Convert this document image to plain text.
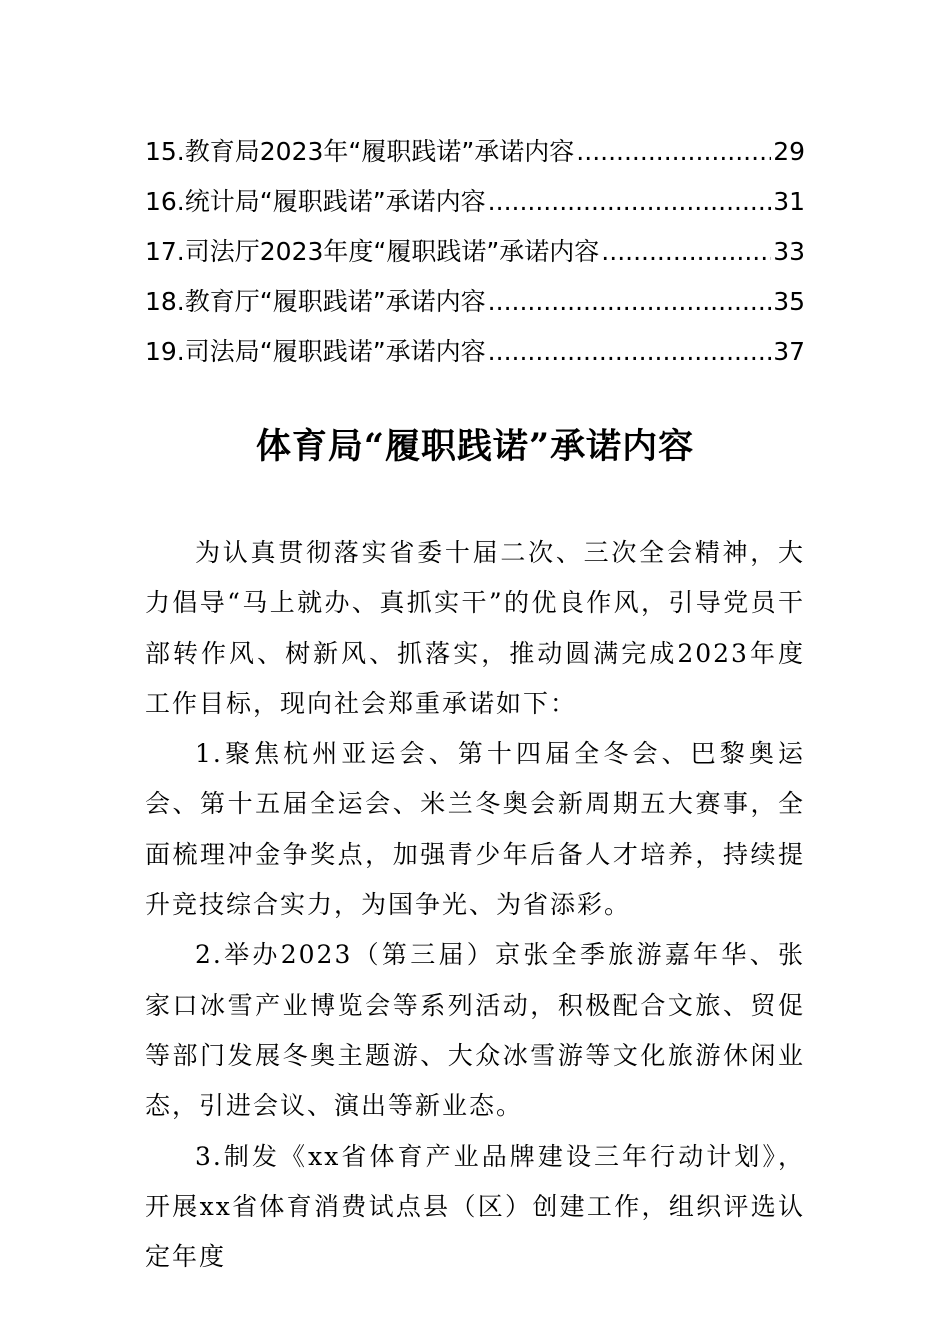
15.教育局2023年“履职践诺”承诺内容 .....	29
16.统计局“履职践诺”承诺内容 .....	31
17.司法厅2023年度“履职践诺”承诺内容 .....	33
18.教育厅“履职践诺”承诺内容 .....	35
19.司法局“履职践诺”承诺内容 .....	37
体育局“履职践诺”承诺内容

为认真贯彻落实省委十届二次、三次全会精神，大力倡导“马上就办、真抓实干”的优良作风，引导党员干部转作风、树新风、抓落实，推动圆满完成2023年度工作目标，现向社会郑重承诺如下：

1.聚焦杭州亚运会、第十四届全冬会、巴黎奥运会、第十五届全运会、米兰冬奥会新周期五大赛事，全面梳理冲金争奖点，加强青少年后备人才培养，持续提升竞技综合实力，为国争光、为省添彩。

2.举办2023（第三届）京张全季旅游嘉年华、张家口冰雪产业博览会等系列活动，积极配合文旅、贸促等部门发展冬奥主题游、大众冰雪游等文化旅游休闲业态，引进会议、演出等新业态。

3.制发《xx省体育产业品牌建设三年行动计划》，开展xx省体育消费试点县（区）创建工作，组织评选认定年度
